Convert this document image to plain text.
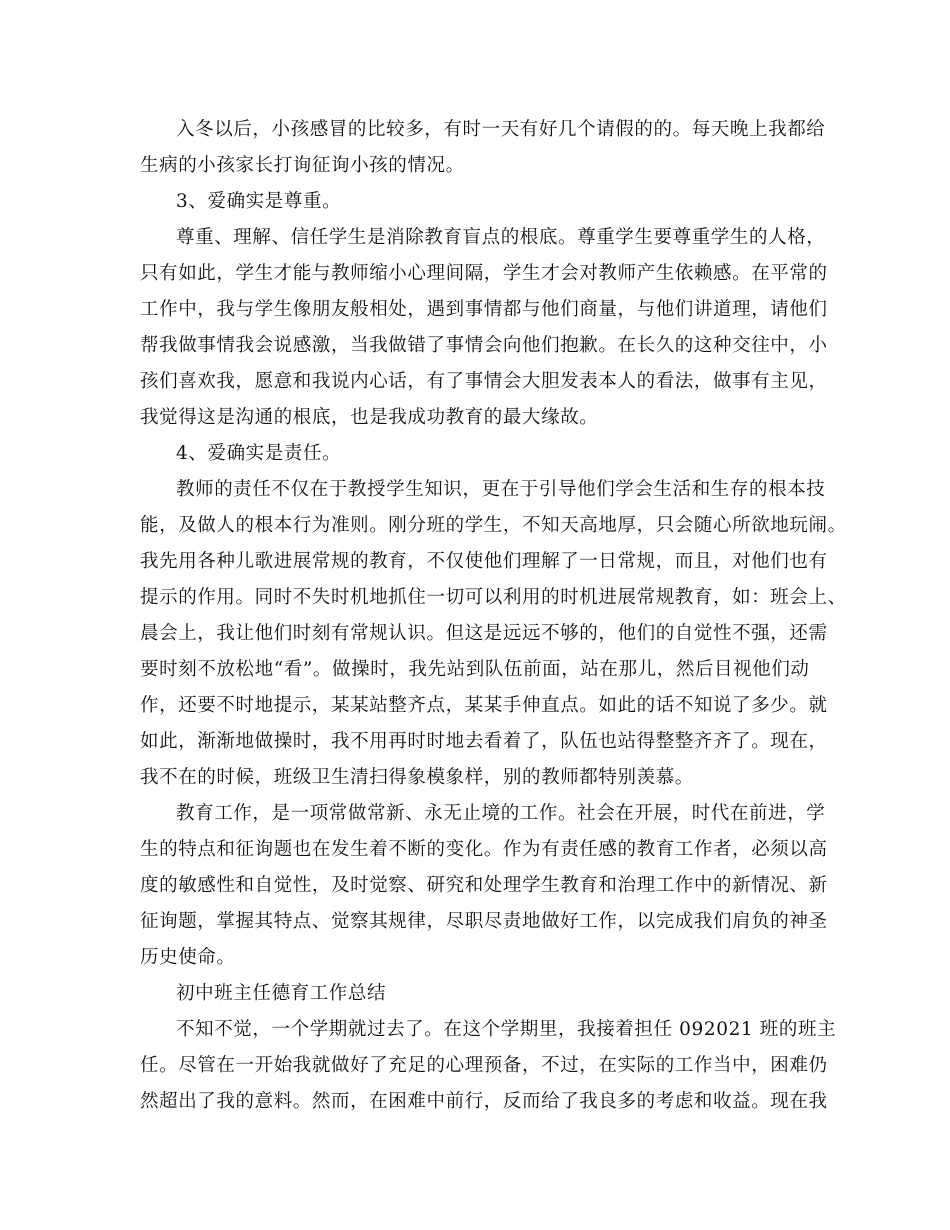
入冬以后，小孩感冒的比较多，有时一天有好几个请假的的。每天晚上我都给
生病的小孩家长打询征询小孩的情况。
3、爱确实是尊重。
尊重、理解、信任学生是消除教育盲点的根底。尊重学生要尊重学生的人格，
只有如此，学生才能与教师缩小心理间隔，学生才会对教师产生依赖感。在平常的
工作中，我与学生像朋友般相处，遇到事情都与他们商量，与他们讲道理，请他们
帮我做事情我会说感激，当我做错了事情会向他们抱歉。在长久的这种交往中，小
孩们喜欢我，愿意和我说内心话，有了事情会大胆发表本人的看法，做事有主见，
我觉得这是沟通的根底，也是我成功教育的最大缘故。
4、爱确实是责任。
教师的责任不仅在于教授学生知识，更在于引导他们学会生活和生存的根本技
能，及做人的根本行为准则。刚分班的学生，不知天高地厚，只会随心所欲地玩闹。
我先用各种儿歌进展常规的教育，不仅使他们理解了一日常规，而且，对他们也有
提示的作用。同时不失时机地抓住一切可以利用的时机进展常规教育，如：班会上、
晨会上，我让他们时刻有常规认识。但这是远远不够的，他们的自觉性不强，还需
要时刻不放松地“看”。做操时，我先站到队伍前面，站在那儿，然后目视他们动
作，还要不时地提示，某某站整齐点，某某手伸直点。如此的话不知说了多少。就
如此，渐渐地做操时，我不用再时时地去看着了，队伍也站得整整齐齐了。现在，
我不在的时候，班级卫生清扫得象模象样，别的教师都特别羡慕。
教育工作，是一项常做常新、永无止境的工作。社会在开展，时代在前进，学
生的特点和征询题也在发生着不断的变化。作为有责任感的教育工作者，必须以高
度的敏感性和自觉性，及时觉察、研究和处理学生教育和治理工作中的新情况、新
征询题，掌握其特点、觉察其规律，尽职尽责地做好工作，以完成我们肩负的神圣
历史使命。
初中班主任德育工作总结
不知不觉，一个学期就过去了。在这个学期里，我接着担任 092021 班的班主
任。尽管在一开始我就做好了充足的心理预备，不过，在实际的工作当中，困难仍
然超出了我的意料。然而，在困难中前行，反而给了我良多的考虑和收益。现在我
